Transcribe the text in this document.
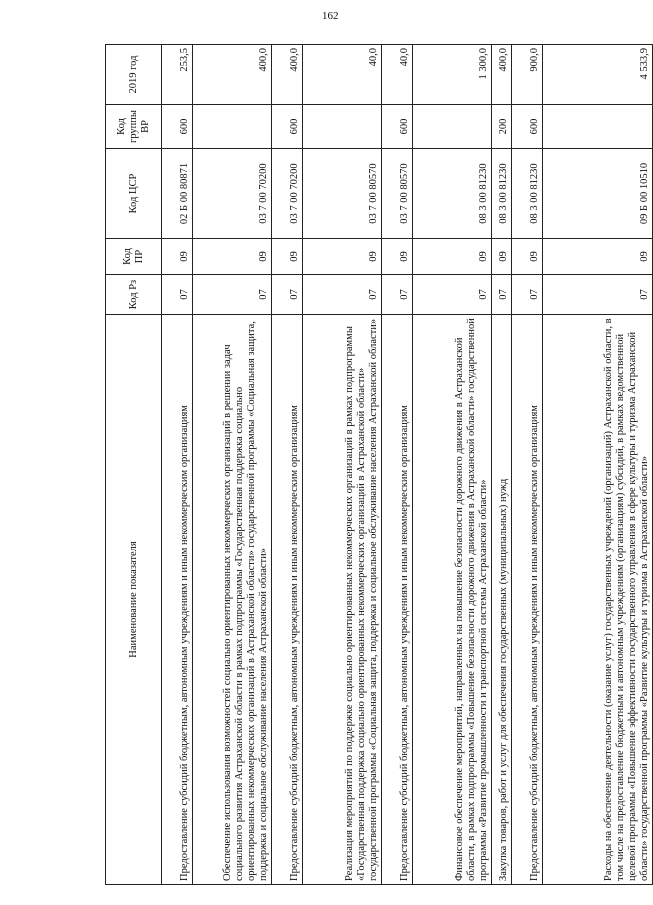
162
Наименование показателя	Код Рз	Код ПР	Код ЦСР	Код группы ВР	2019 год
Предоставление субсидий бюджетным, автономным учреждениям и иным некоммерческим организациям	07	09	02 Б 00 80871	600	253,5
Обеспечение использования возможностей социально ориентированных некоммерческих организаций в решении задач социального развития Астраханской области в рамках подпрограммы «Государственная поддержка социально ориентированных некоммерческих организаций в Астраханской области» государственной программы «Социальная защита, поддержка и социальное обслуживание населения Астраханской области»	07	09	03 7 00 70200		400,0
Предоставление субсидий бюджетным, автономным учреждениям и иным некоммерческим организациям	07	09	03 7 00 70200	600	400,0
Реализация мероприятий по поддержке социально ориентированных некоммерческих организаций в рамках подпрограммы «Государственная поддержка социально ориентированных некоммерческих организаций в Астраханской области» государственной программы «Социальная защита, поддержка и социальное обслуживание населения Астраханской области»	07	09	03 7 00 80570		40,0
Предоставление субсидий бюджетным, автономным учреждениям и иным некоммерческим организациям	07	09	03 7 00 80570	600	40,0
Финансовое обеспечение мероприятий, направленных на повышение безопасности дорожного движения в Астраханской области, в рамках подпрограммы «Повышение безопасности дорожного движения в Астраханской области» государственной программы «Развитие промышленности и транспортной системы Астраханской области»	07	09	08 3 00 81230		1 300,0
Закупка товаров, работ и услуг для обеспечения государственных (муниципальных) нужд	07	09	08 3 00 81230	200	400,0
Предоставление субсидий бюджетным, автономным учреждениям и иным некоммерческим организациям	07	09	08 3 00 81230	600	900,0
Расходы на обеспечение деятельности (оказание услуг) государственных учреждений (организаций) Астраханской области, в том числе на предоставление бюджетным и автономным учреждениям (организациям) субсидий, в рамках ведомственной целевой программы «Повышение эффективности государственного управления в сфере культуры и туризма Астраханской области» государственной программы «Развитие культуры и туризма в Астраханской области»	07	09	09 Б 00 10510		4 533,9
